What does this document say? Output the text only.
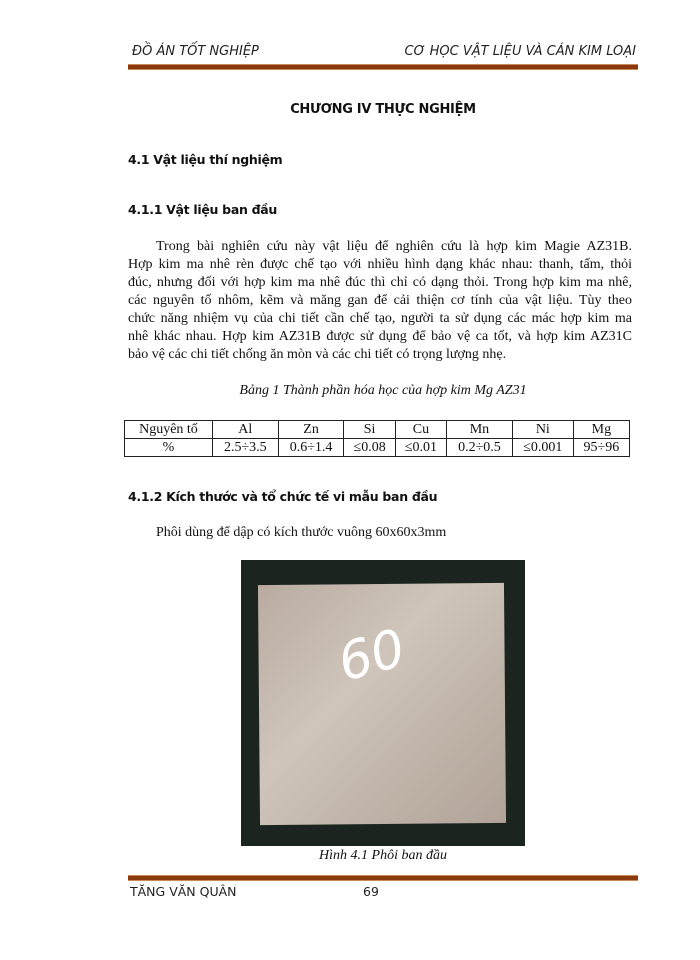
ĐỒ ÁN TỐT NGHIỆP	CƠ HỌC VẬT LIỆU VÀ CÁN KIM LOẠI
CHƯƠNG IV THỰC NGHIỆM
4.1 Vật liệu thí nghiệm
4.1.1 Vật liệu ban đầu
Trong bài nghiên cứu này vật liệu để nghiên cứu là hợp kim Magie AZ31B.
Hợp kim ma nhê rèn được chế tạo với nhiều hình dạng khác nhau: thanh, tấm, thỏi
đúc, nhưng đối với hợp kim ma nhê đúc thì chỉ có dạng thỏi. Trong hợp kim ma nhê,
các nguyên tố nhôm, kẽm và măng gan để cải thiện cơ tính của vật liệu. Tùy theo
chức năng nhiệm vụ của chi tiết cần chế tạo, người ta sử dụng các mác hợp kim ma
nhê khác nhau. Hợp kim AZ31B được sử dụng để bảo vệ ca tốt, và hợp kim AZ31C
bảo vệ các chi tiết chống ăn mòn và các chi tiết có trọng lượng nhẹ.
Bảng 1 Thành phần hóa học của hợp kim Mg AZ31
Nguyên tố	Al	Zn	Si	Cu	Mn	Ni	Mg
%	2.5÷3.5	0.6÷1.4	≤0.08	≤0.01	0.2÷0.5	≤0.001	95÷96
4.1.2 Kích thước và tổ chức tế vi mẫu ban đầu
Phôi dùng để dập có kích thước vuông 60x60x3mm
60
Hình 4.1 Phôi ban đầu
TĂNG VĂN QUÂN	69
